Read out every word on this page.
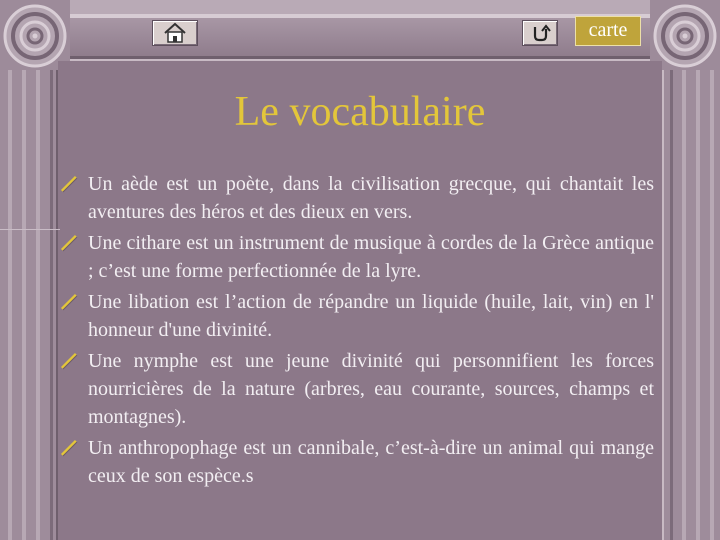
carte
Le vocabulaire
Un aède est un poète, dans la civilisation grecque, qui chantait les aventures des héros et des dieux en vers.
Une cithare est un instrument de musique à cordes de la Grèce antique ; c’est une forme perfectionnée de la lyre.
Une libation est l’action de répandre un liquide (huile, lait, vin) en l' honneur d'une divinité.
Une nymphe est une jeune divinité qui personnifient les forces nourricières de la nature (arbres, eau courante, sources, champs et montagnes).
Un anthropophage est un cannibale, c’est-à-dire un animal qui mange ceux de son espèce.s
